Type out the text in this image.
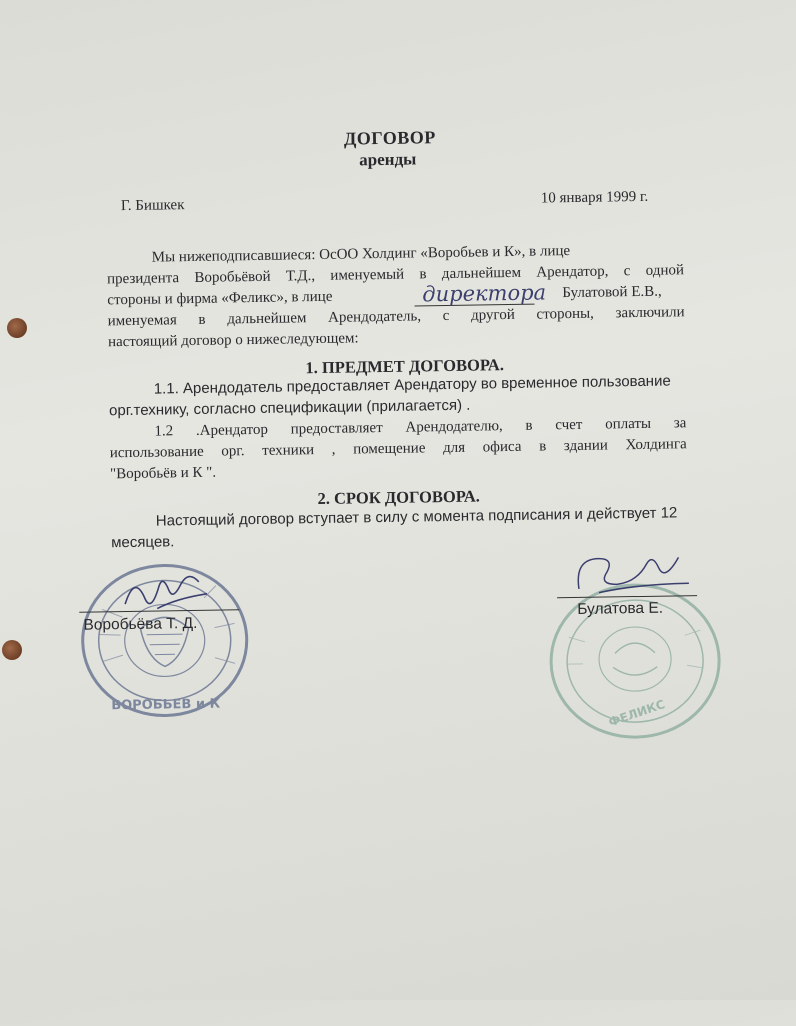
ДОГОВОР
аренды
Г. Бишкек	10 января 1999 г.
Мы нижеподписавшиеся: ОсОО Холдинг «Воробьев и К», в лице
президента Воробьёвой Т.Д., именуемый в дальнейшем Арендатор, с одной
стороны и фирма «Феликс», в лице	директора Булатовой Е.В.,
именуемая в дальнейшем Арендодатель, с другой стороны, заключили
настоящий договор о нижеследующем:
1. ПРЕДМЕТ ДОГОВОРА.
1.1. Арендодатель предоставляет Арендатору во временное пользование
орг.технику, согласно спецификации (прилагается) .
1.2 .Арендатор предоставляет Арендодателю, в счет оплаты за
использование орг. техники , помещение для офиса в здании Холдинга
"Воробьёв и К ".
2. СРОК ДОГОВОРА.
Настоящий договор вступает в силу с момента подписания и действует 12
месяцев.
ВОРОБЬЕВ и К
Воробьёва Т. Д.
ФЕЛИКС
Булатова Е.
